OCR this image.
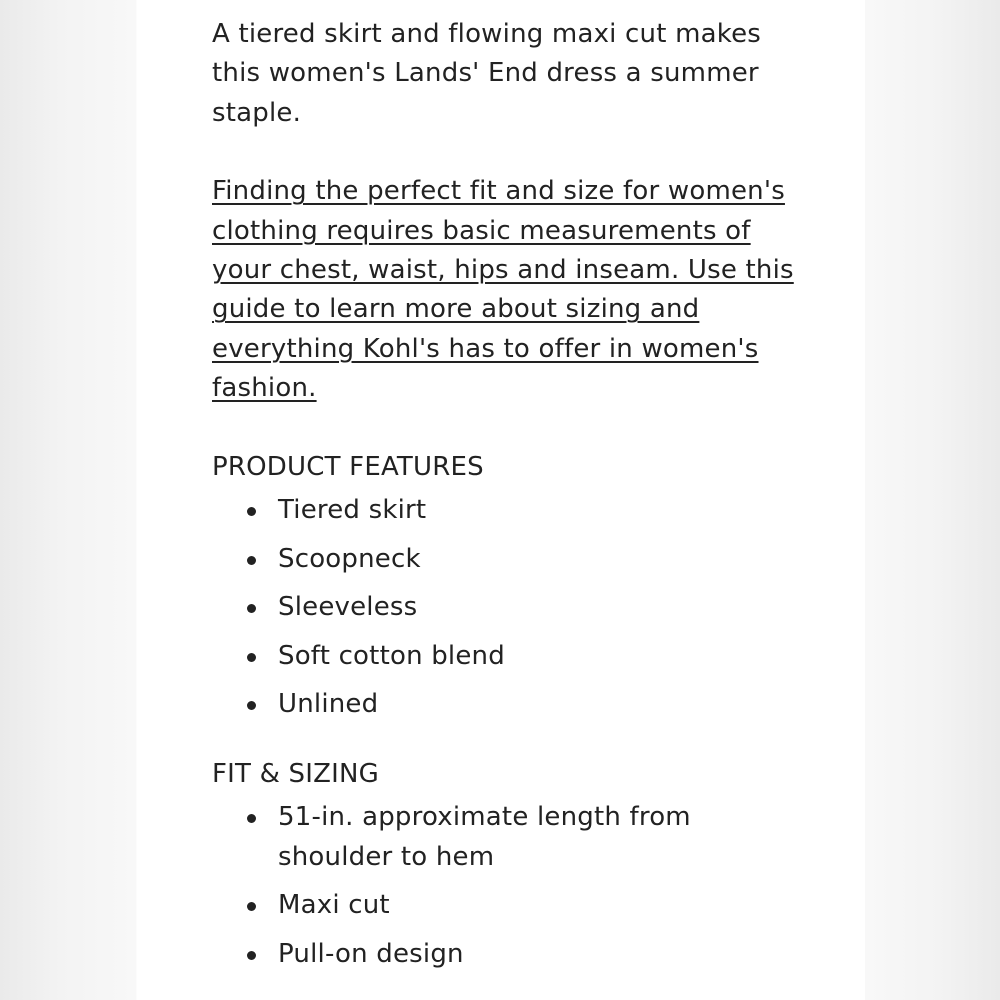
A tiered skirt and flowing maxi cut makes this women's Lands' End dress a summer staple.

Finding the perfect fit and size for women's clothing requires basic measurements of your chest, waist, hips and inseam. Use this guide to learn more about sizing and everything Kohl's has to offer in women's fashion.
PRODUCT FEATURES
Tiered skirt
Scoopneck
Sleeveless
Soft cotton blend
Unlined
FIT & SIZING
51-in. approximate length from shoulder to hem
Maxi cut
Pull-on design
